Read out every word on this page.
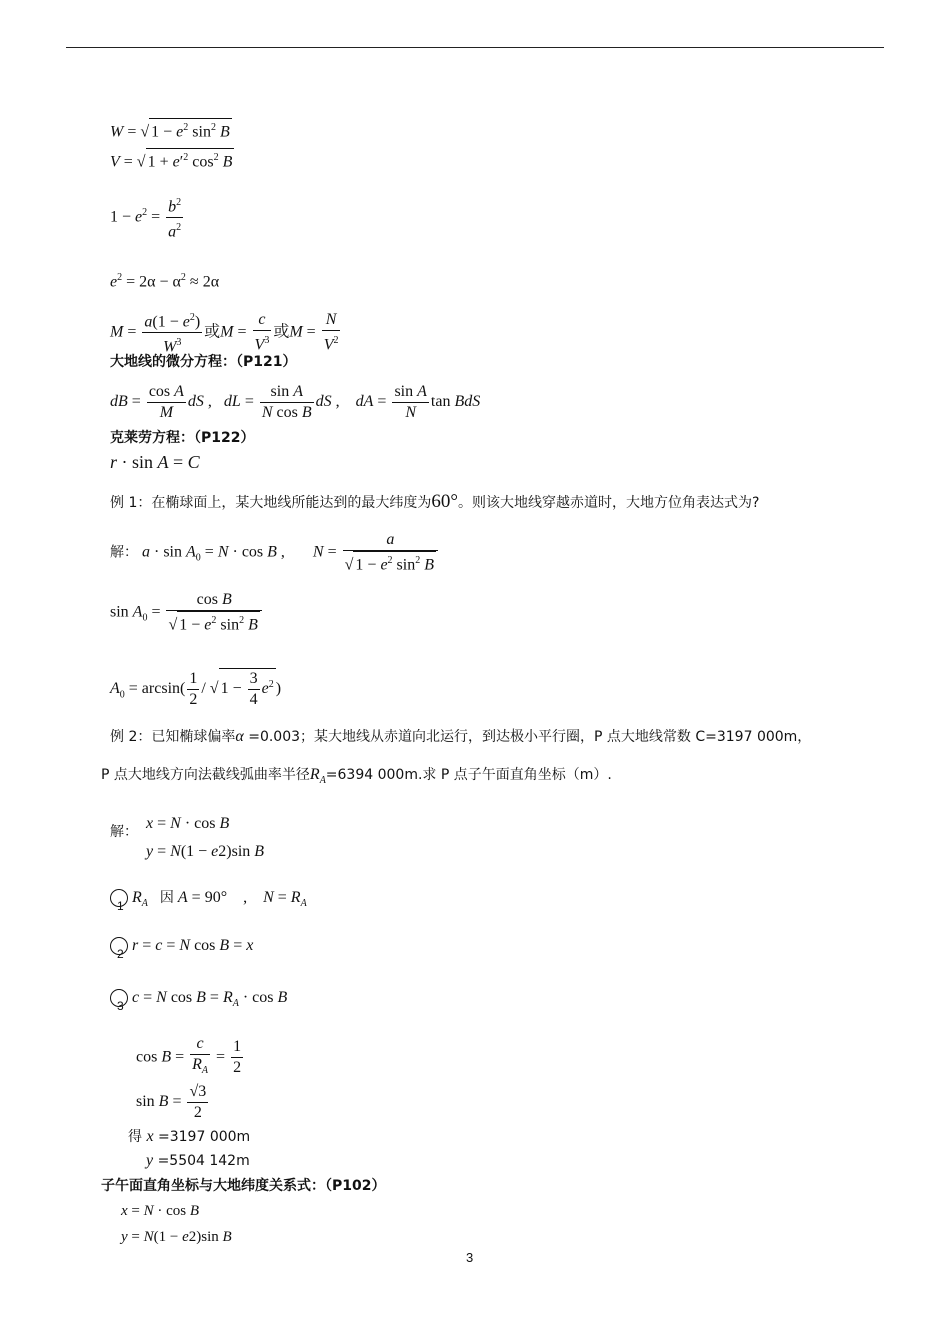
W = √ $1 - e^2$ $\sin^2 B$
V = √ $1 + e'^2$ $\cos^2 B$
$1 - e^2 = \frac{b^2}{a^2}$
$e^2 = 2\alpha - \alpha^2 \approx 2\alpha$
$M = \frac{a(1 - e^2)}{W^3}$ 或$M = \frac{c}{V^3}$ 或$M = \frac{N}{V^2}$
大地线的微分方程：（P121）
dB = $\frac{\text{cos A}}{M}$ dS ,   dL = $\frac{\text{sin A}}{\text{N cos B}}$ dS ,    dA = $\frac{\text{sin A}}{N}$ tan BdS
克莱劳方程：（P122）
r · sin A = C
例 1：在椭球面上，某大地线所能达到的最大纬度为60°。则该大地线穿越赤道时，大地方位角表达式为?
解： $a \cdot \sin A_0 = N \cdot \cos B$ ,       $N = \frac{a}{√ 1 - e^2 \sin^2 B}$
$\sin A_0 = \frac{\text{cos B}}{√ 1 - e^2 \sin^2 B}$
$A_0 = \arcsin( \frac{1}{2}$ / √ $1 - \frac{3}{4} e^2$ )
例 2：已知椭球偏率α =0.003；某大地线从赤道向北运行，到达极小平行圈，P 点大地线常数 C=3197 000m，
P 点大地线方向法截线弧曲率半径$R_A=6394$ 000m.求 P 点子午面直角坐标（m）.
解： x = N · cos B
y = N(1 − e2)sin B
1
$R_A$ 因 A = 90°    ,    $N = R_A$
2
r = c = N cos B = x
3
c = N $\cos B = R_A \cdot \cos B$
$\cos B = \frac{c}{R_A} = \frac{1}{2}$
$\sin B = \frac{√3}{2}$
得 x =3197 000m
y =5504 142m
子午面直角坐标与大地纬度关系式：（P102）
x = N · cos B
y = N(1 − e2)sin B
3
